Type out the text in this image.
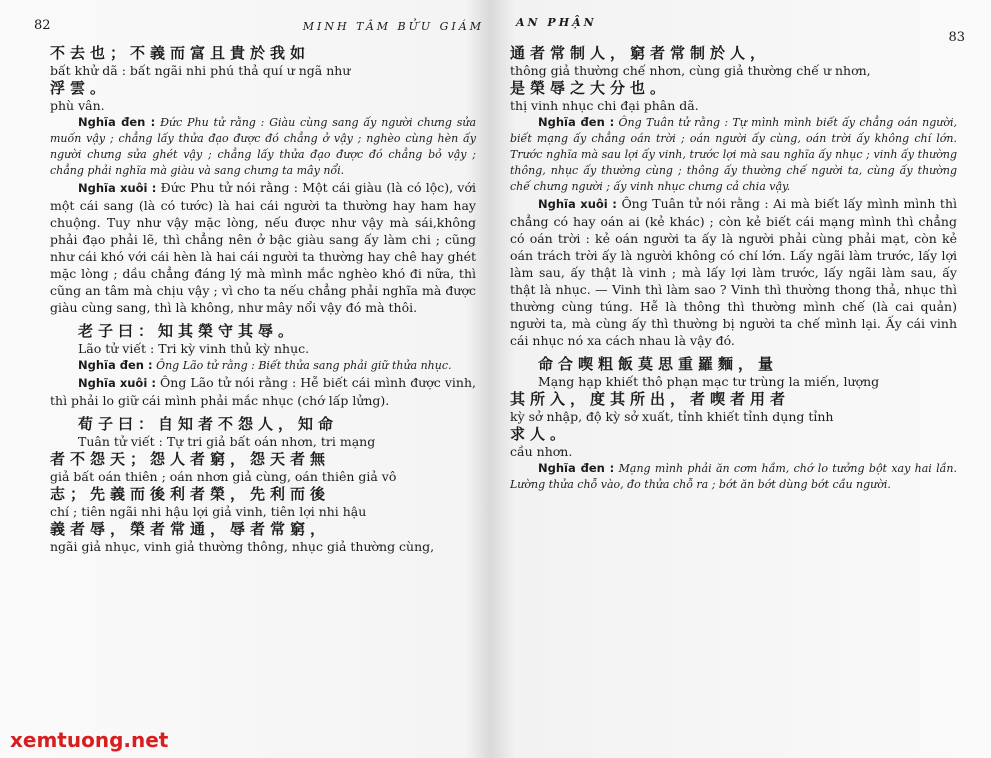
82	MINH TÂM BỬU GIÁM

不去也；不義而富且貴於我如

bất khử dã : bất ngãi nhi phú thả quí ư ngã như

浮雲。

phù vân.

Nghĩa đen : Đức Phu tử rằng : Giàu cùng sang ấy người chưng sửa muốn vậy ; chẳng lấy thửa đạo được đó chẳng ở vậy ; nghèo cùng hèn ấy người chưng sửa ghét vậy ; chẳng lấy thửa đạo được đó chẳng bỏ vậy ; chẳng phải nghĩa mà giàu và sang chưng ta mây nổi.

Nghĩa xuôi : Đức Phu tử nói rằng : Một cái giàu (là có lộc), với một cái sang (là có tước) là hai cái người ta thường hay ham hay chuộng. Tuy như vậy mặc lòng, nếu được như vậy mà sái,không phải đạo phải lẽ, thì chẳng nên ở bậc giàu sang ấy làm chi ; cũng như cái khó với cái hèn là hai cái người ta thường hay chê hay ghét mặc lòng ; dầu chẳng đáng lý mà mình mắc nghèo khó đi nữa, thì cũng an tâm mà chịu vậy ; vì cho ta nếu chẳng phải nghĩa mà được giàu cùng sang, thì là không, như mây nổi vậy đó mà thôi.

老子曰：知其榮守其辱。

Lão tử viết : Tri kỳ vinh thủ kỳ nhục.

Nghĩa đen : Ông Lão tử rằng : Biết thửa sang phải giữ thửa nhục.

Nghĩa xuôi : Ông Lão tử nói rằng : Hễ biết cái mình được vinh, thì phải lo giữ cái mình phải mắc nhục (chớ lấp lửng).

荀子曰：自知者不怨人，知命

Tuân tử viết : Tự tri giả bất oán nhơn, tri mạng

者不怨天；怨人者窮，怨天者無

giả bất oán thiên ; oán nhơn giả cùng, oán thiên giả vô

志；先義而後利者榮，先利而後

chí ; tiên ngãi nhi hậu lợi giả vinh, tiên lợi nhi hậu

義者辱，榮者常通，辱者常窮，

ngãi giả nhục, vinh giả thường thông, nhục giả thường cùng,

AN PHẬN
83

通者常制人，窮者常制於人，

thông giả thường chế nhơn, cùng giả thường chế ư nhơn,

是榮辱之大分也。

thị vinh nhục chi đại phân dã.

Nghĩa đen : Ông Tuân tử rằng : Tự mình mình biết ấy chẳng oán người, biết mạng ấy chẳng oán trời ; oán người ấy cùng, oán trời ấy không chí lớn. Trước nghĩa mà sau lợi ấy vinh, trước lợi mà sau nghĩa ấy nhục ; vinh ấy thường thông, nhục ấy thường cùng ; thông ấy thường chế người ta, cùng ấy thường chế chưng người ; ấy vinh nhục chưng cả chia vậy.

Nghĩa xuôi : Ông Tuân tử nói rằng : Ai mà biết lấy mình mình thì chẳng có hay oán ai (kẻ khác) ; còn kẻ biết cái mạng mình thì chẳng có oán trời : kẻ oán người ta ấy là người phải cùng phải mạt, còn kẻ oán trách trời ấy là người không có chí lớn. Lấy ngãi làm trước, lấy lợi làm sau, ấy thật là vinh ; mà lấy lợi làm trước, lấy ngãi làm sau, ấy thật là nhục. — Vinh thì làm sao ? Vinh thì thường thong thả, nhục thì thường cùng túng. Hễ là thông thì thường mình chế (là cai quản) người ta, mà cùng ấy thì thường bị người ta chế mình lại. Ấy cái vinh cái nhục nó xa cách nhau là vậy đó.

命合喫粗飯莫思重羅麵，量

Mạng hạp khiết thô phạn mạc tư trùng la miến, lượng

其所入，度其所出，者喫者用者

kỳ sở nhập, độ kỳ sở xuất, tỉnh khiết tỉnh dụng tỉnh

求人。

cầu nhơn.

Nghĩa đen : Mạng mình phải ăn cơm hầm, chớ lo tưởng bột xay hai lần. Lường thửa chỗ vào, đo thửa chỗ ra ; bớt ăn bớt dùng bớt cầu người.

xemtuong.net
